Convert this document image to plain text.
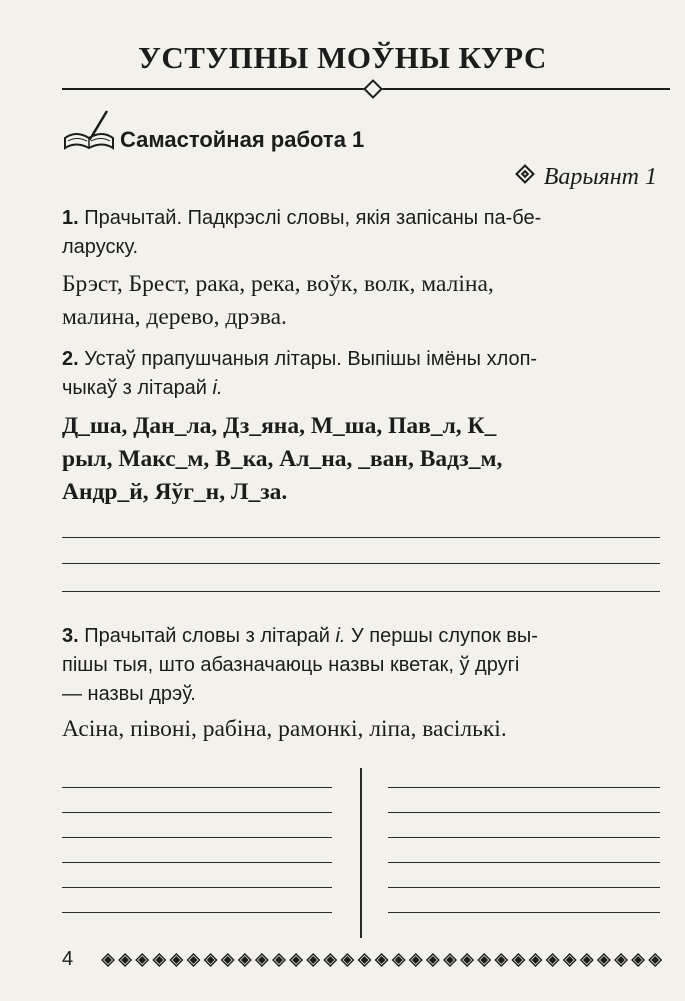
УСТУПНЫ МОЎНЫ КУРС
Самастойная работа 1
Варыянт 1
1. Прачытай. Падкрэслі словы, якія запісаны па-бе-
ларуску.
Брэст, Брест, рака, река, воўк, волк, маліна,
малина, дерево, дрэва.
2. Устаў прапушчаныя літары. Выпішы імёны хлоп-
чыкаў з літарай і.
Д_ша, Дан_ла, Дз_яна, М_ша, Пав_л, К_
рыл, Макс_м, В_ка, Ал_на, _ван, Вадз_м,
Андр_й, Яўг_н, Л_за.
3. Прачытай словы з літарай і. У першы слупок вы-
пішы тыя, што абазначаюць назвы кветак, ў другі
— назвы дрэў.
Асіна, півоні, рабіна, рамонкі, ліпа, васількі.
4
